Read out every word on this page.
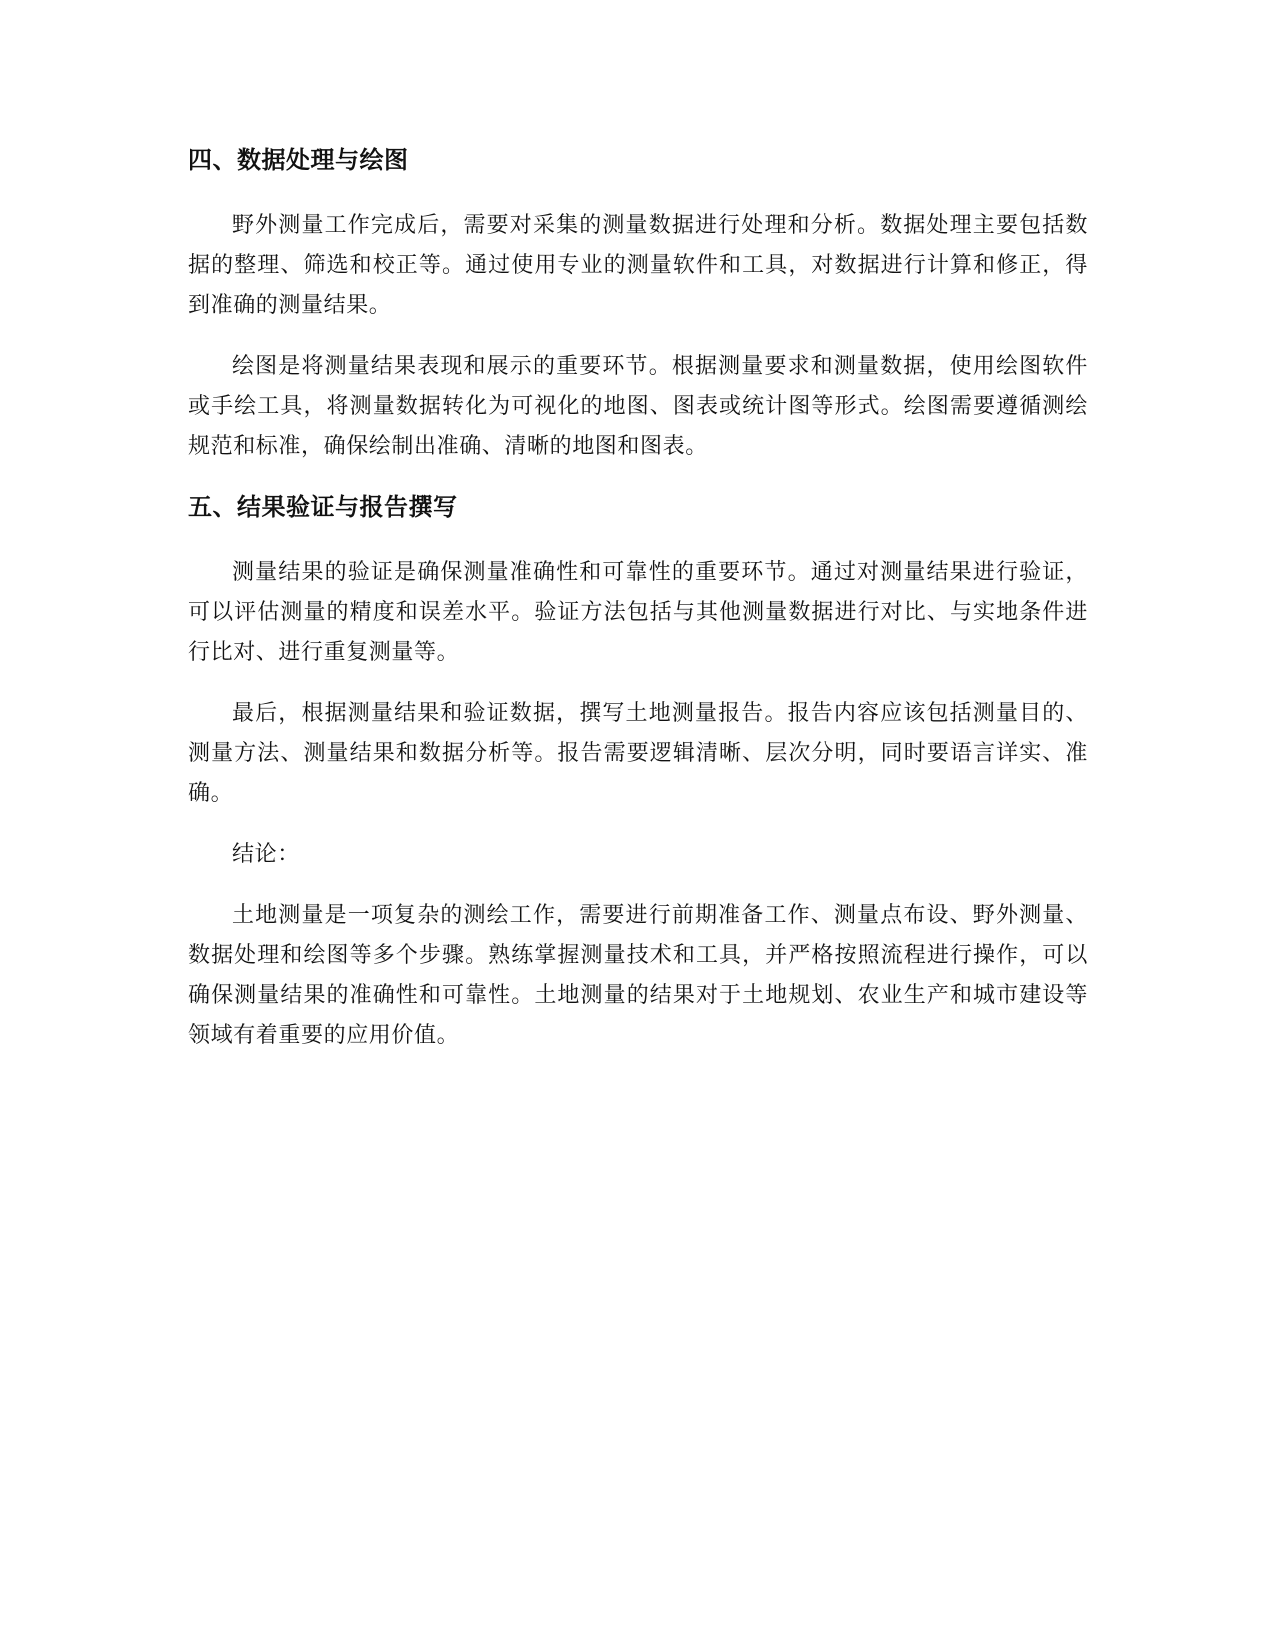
四、数据处理与绘图

野外测量工作完成后，需要对采集的测量数据进行处理和分析。数据处理主要包括数据的整理、筛选和校正等。通过使用专业的测量软件和工具，对数据进行计算和修正，得到准确的测量结果。

绘图是将测量结果表现和展示的重要环节。根据测量要求和测量数据，使用绘图软件或手绘工具，将测量数据转化为可视化的地图、图表或统计图等形式。绘图需要遵循测绘规范和标准，确保绘制出准确、清晰的地图和图表。

五、结果验证与报告撰写

测量结果的验证是确保测量准确性和可靠性的重要环节。通过对测量结果进行验证，可以评估测量的精度和误差水平。验证方法包括与其他测量数据进行对比、与实地条件进行比对、进行重复测量等。

最后，根据测量结果和验证数据，撰写土地测量报告。报告内容应该包括测量目的、测量方法、测量结果和数据分析等。报告需要逻辑清晰、层次分明，同时要语言详实、准确。

结论：

土地测量是一项复杂的测绘工作，需要进行前期准备工作、测量点布设、野外测量、数据处理和绘图等多个步骤。熟练掌握测量技术和工具，并严格按照流程进行操作，可以确保测量结果的准确性和可靠性。土地测量的结果对于土地规划、农业生产和城市建设等领域有着重要的应用价值。
